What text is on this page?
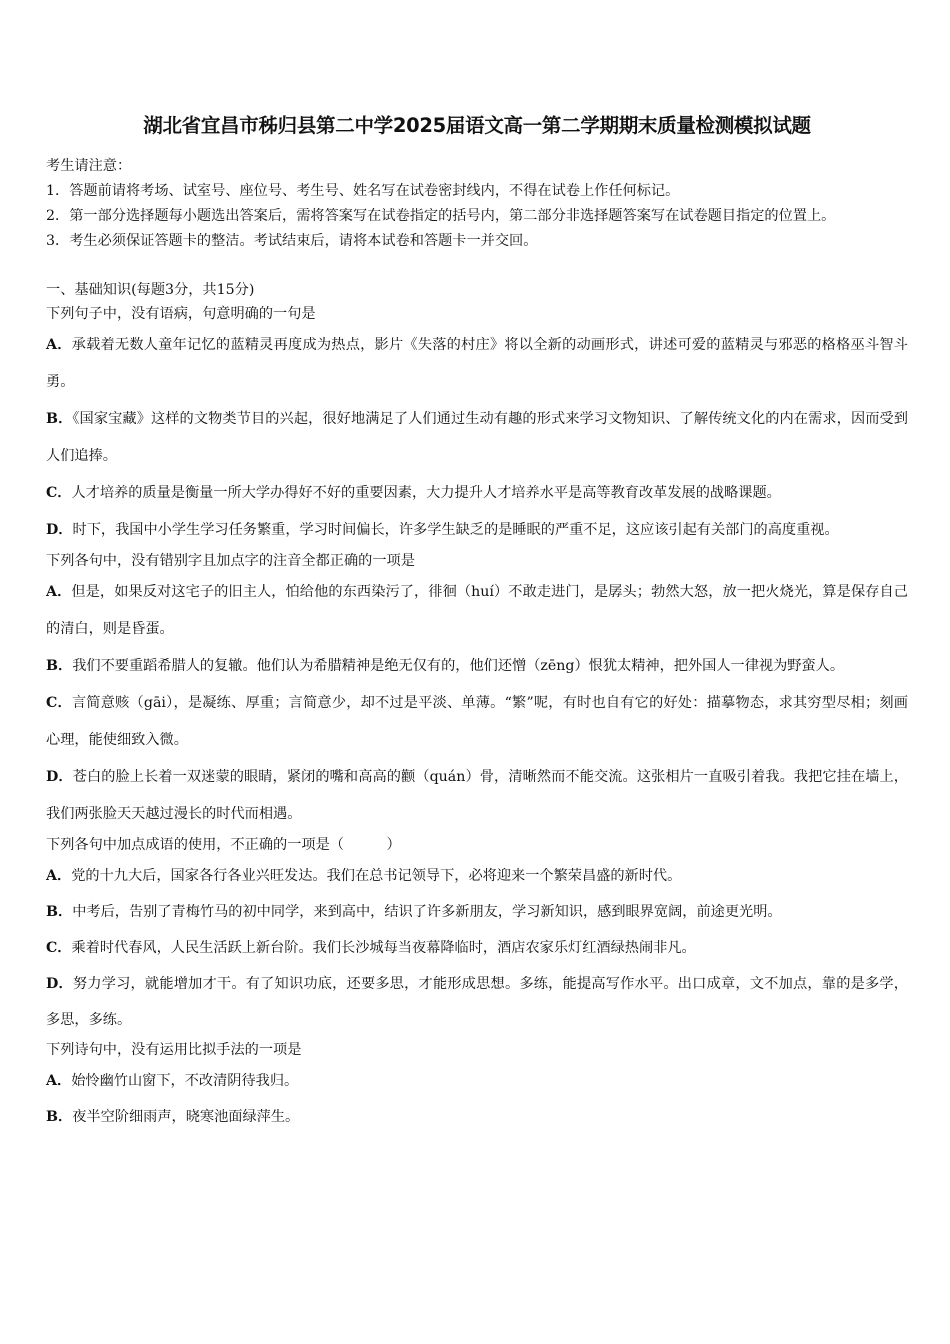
湖北省宜昌市秭归县第二中学2025届语文高一第二学期期末质量检测模拟试题

考生请注意：

1．答题前请将考场、试室号、座位号、考生号、姓名写在试卷密封线内，不得在试卷上作任何标记。

2．第一部分选择题每小题选出答案后，需将答案写在试卷指定的括号内，第二部分非选择题答案写在试卷题目指定的位置上。

3．考生必须保证答题卡的整洁。考试结束后，请将本试卷和答题卡一并交回。

一、基础知识(每题3分，共15分)

下列句子中，没有语病，句意明确的一句是

A．承载着无数人童年记忆的蓝精灵再度成为热点，影片《失落的村庄》将以全新的动画形式，讲述可爱的蓝精灵与邪恶的格格巫斗智斗勇。

B．《国家宝藏》这样的文物类节目的兴起，很好地满足了人们通过生动有趣的形式来学习文物知识、了解传统文化的内在需求，因而受到人们追捧。

C．人才培养的质量是衡量一所大学办得好不好的重要因素，大力提升人才培养水平是高等教育改革发展的战略课题。

D．时下，我国中小学生学习任务繁重，学习时间偏长，许多学生缺乏的是睡眠的严重不足，这应该引起有关部门的高度重视。

下列各句中，没有错别字且加点字的注音全都正确的一项是

A．但是，如果反对这宅子的旧主人，怕给他的东西染污了，徘徊（huí）不敢走进门，是孱头；勃然大怒，放一把火烧光，算是保存自己的清白，则是昏蛋。

B．我们不要重蹈希腊人的复辙。他们认为希腊精神是绝无仅有的，他们还憎（zēng）恨犹太精神，把外国人一律视为野蛮人。

C．言简意赅（gāi），是凝练、厚重；言简意少，却不过是平淡、单薄。“繁”呢，有时也自有它的好处：描摹物态，求其穷型尽相；刻画心理，能使细致入微。

D．苍白的脸上长着一双迷蒙的眼睛，紧闭的嘴和高高的颧（quán）骨，清晰然而不能交流。这张相片一直吸引着我。我把它挂在墙上，我们两张脸天天越过漫长的时代而相遇。

下列各句中加点成语的使用，不正确的一项是（　　　）

A．党的十九大后，国家各行各业兴旺发达。我们在总书记领导下，必将迎来一个繁荣昌盛的新时代。

B．中考后，告别了青梅竹马的初中同学，来到高中，结识了许多新朋友，学习新知识，感到眼界宽阔，前途更光明。

C．乘着时代春风，人民生活跃上新台阶。我们长沙城每当夜幕降临时，酒店农家乐灯红酒绿热闹非凡。

D．努力学习，就能增加才干。有了知识功底，还要多思，才能形成思想。多练，能提高写作水平。出口成章，文不加点，靠的是多学，多思，多练。

下列诗句中，没有运用比拟手法的一项是

A．始怜幽竹山窗下，不改清阴待我归。

B．夜半空阶细雨声，晓寒池面绿萍生。
